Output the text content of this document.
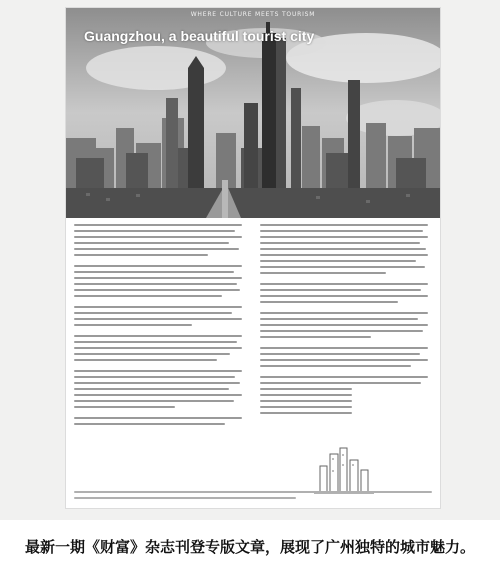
WHERE CULTURE MEETS TOURISM
Guangzhou, a beautiful tourist city
最新一期《财富》杂志刊登专版文章，展现了广州独特的城市魅力。
